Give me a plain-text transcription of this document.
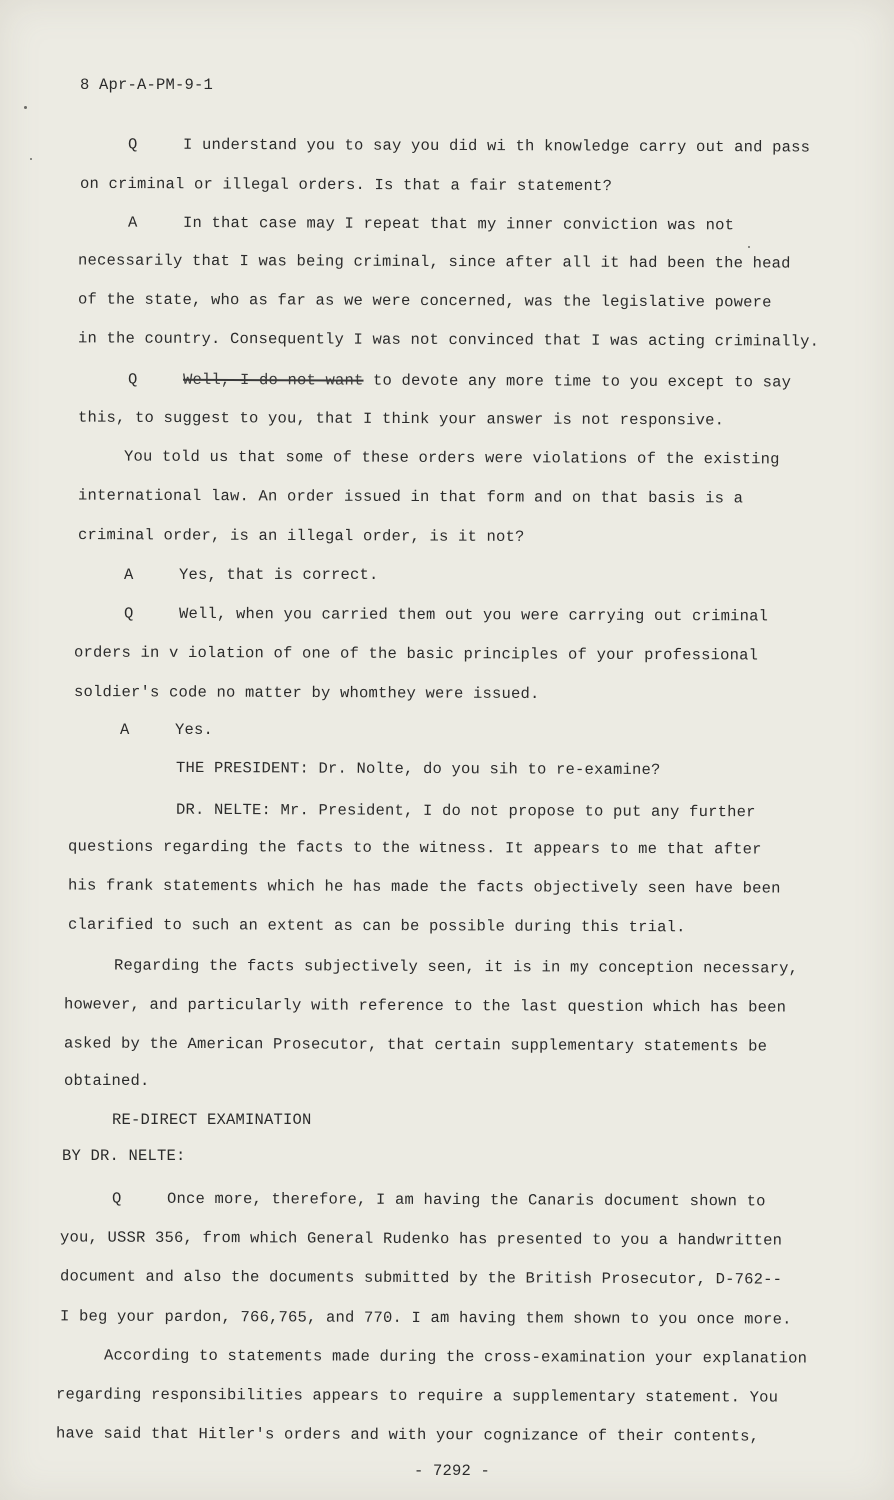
8 Apr-A-PM-9-1
Q	I understand you to say you did wi th knowledge carry out and pass
on criminal or illegal orders. Is that a fair statement?
A	In that case may I repeat that my inner conviction was not
necessarily that I was being criminal, since after all it had been the head
of the state, who as far as we were concerned, was the legislative powere
in the country. Consequently I was not convinced that I was acting criminally.
Q	Well, I do not want to devote any more time to you except to say
this, to suggest to you, that I think your answer is not responsive.
You told us that some of these orders were violations of the existing
international law. An order issued in that form and on that basis is a
criminal order, is an illegal order, is it not?
A	Yes, that is correct.
Q	Well, when you carried them out you were carrying out criminal
orders in v iolation of one of the basic principles of your professional
soldier's code no matter by whomthey were issued.
A	Yes.
THE PRESIDENT: Dr. Nolte, do you sih to re-examine?
DR. NELTE: Mr. President, I do not propose to put any further
questions regarding the facts to the witness. It appears to me that after
his frank statements which he has made the facts objectively seen have been
clarified to such an extent as can be possible during this trial.
Regarding the facts subjectively seen, it is in my conception necessary,
however, and particularly with reference to the last question which has been
asked by the American Prosecutor, that certain supplementary statements be
obtained.
RE-DIRECT EXAMINATION
BY DR. NELTE:
Q	Once more, therefore, I am having the Canaris document shown to
you, USSR 356, from which General Rudenko has presented to you a handwritten
document and also the documents submitted by the British Prosecutor, D-762--
I beg your pardon, 766,765, and 770. I am having them shown to you once more.
According to statements made during the cross-examination your explanation
regarding responsibilities appears to require a supplementary statement. You
have said that Hitler's orders and with your cognizance of their contents,
- 7292 -
